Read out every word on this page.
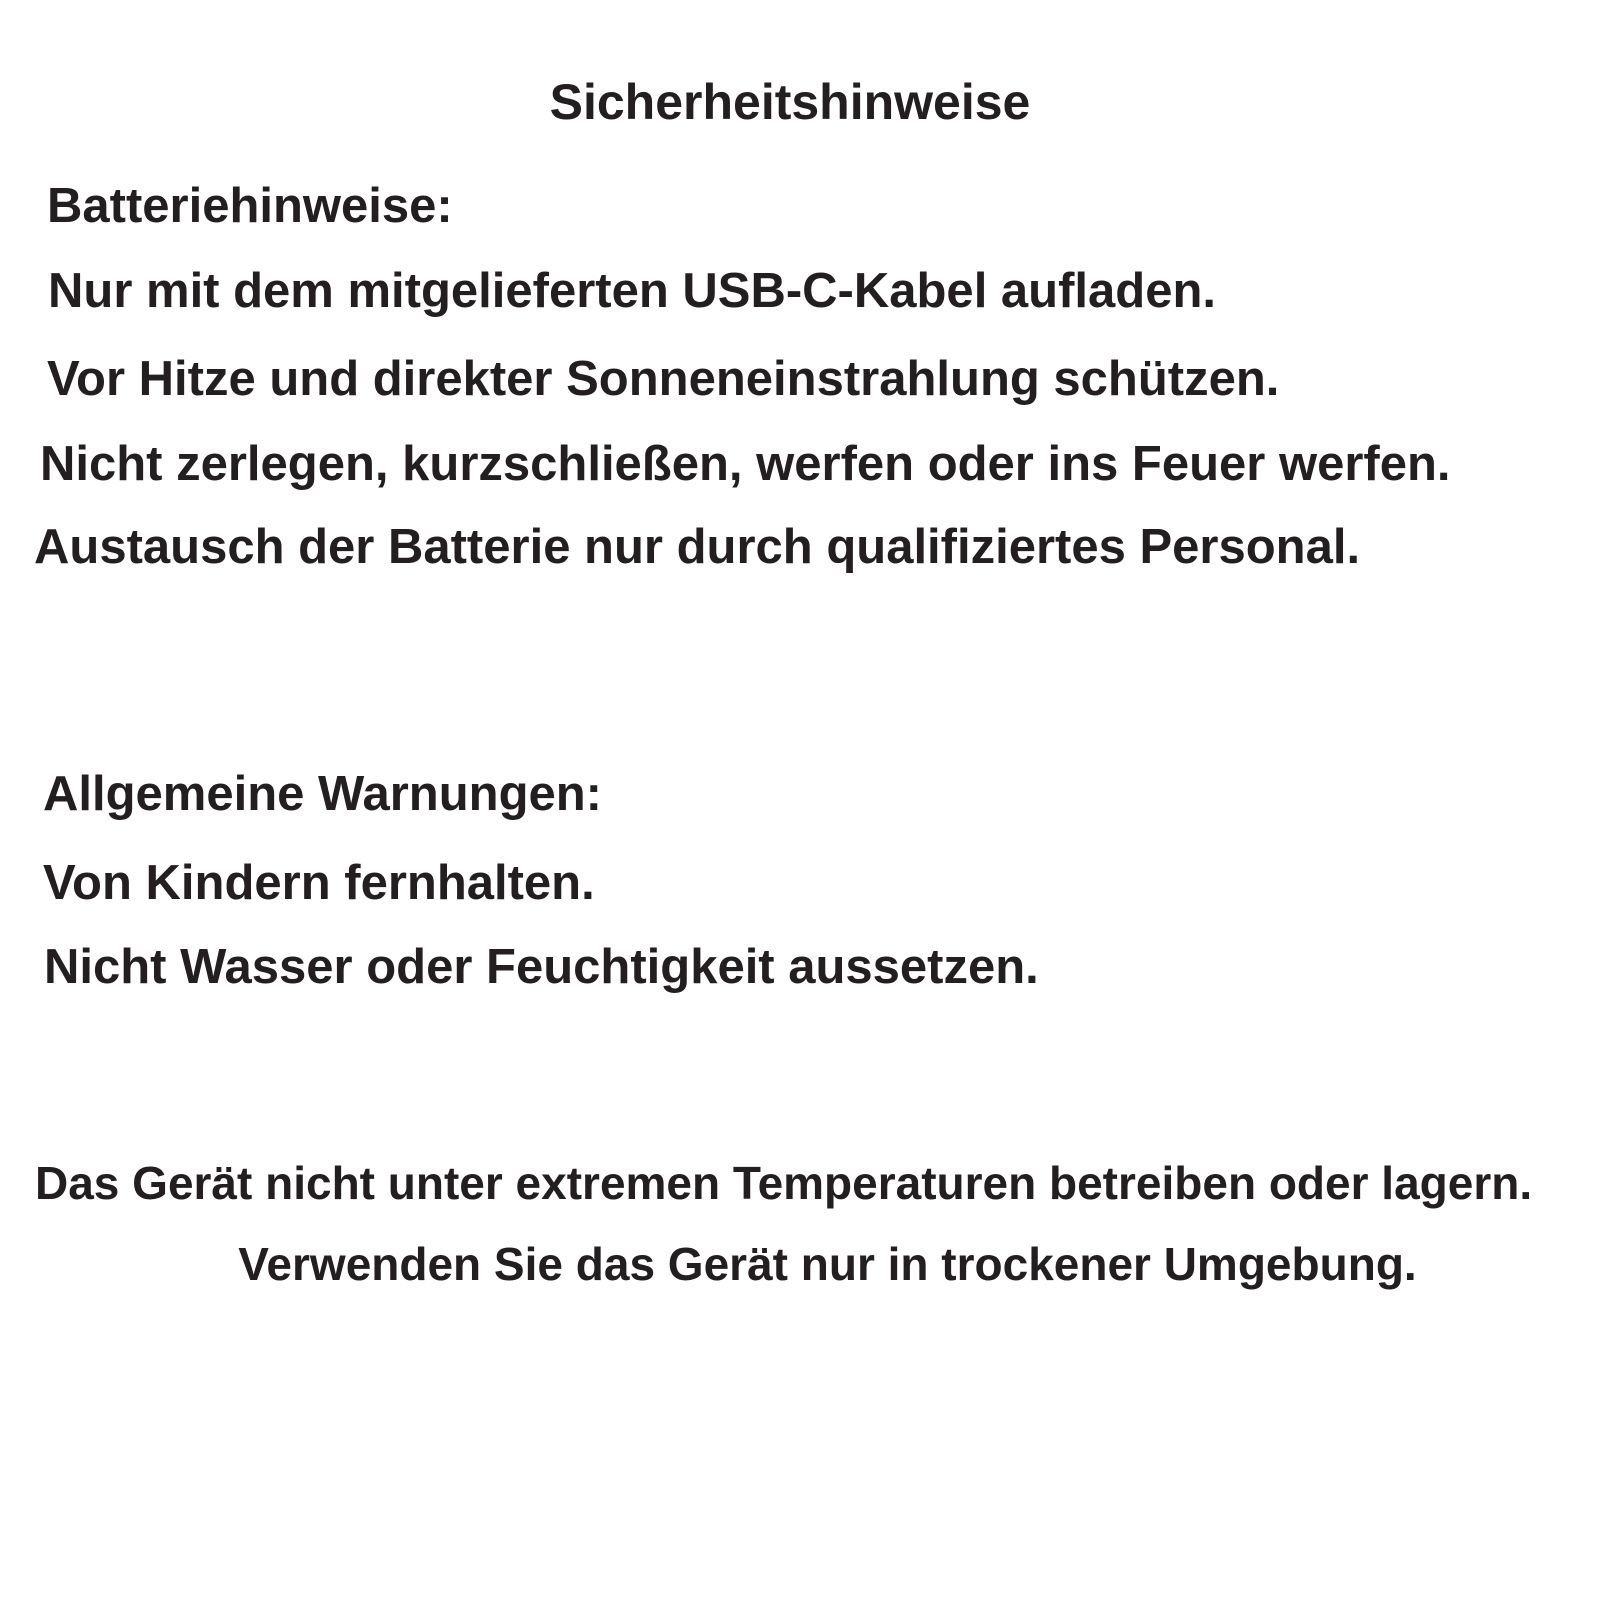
Sicherheitshinweise
Batteriehinweise:
Nur mit dem mitgelieferten USB-C-Kabel aufladen.
Vor Hitze und direkter Sonneneinstrahlung schützen.
Nicht zerlegen, kurzschließen, werfen oder ins Feuer werfen.
Austausch der Batterie nur durch qualifiziertes Personal.
Allgemeine Warnungen:
Von Kindern fernhalten.
Nicht Wasser oder Feuchtigkeit aussetzen.
Das Gerät nicht unter extremen Temperaturen betreiben oder lagern.
Verwenden Sie das Gerät nur in trockener Umgebung.
